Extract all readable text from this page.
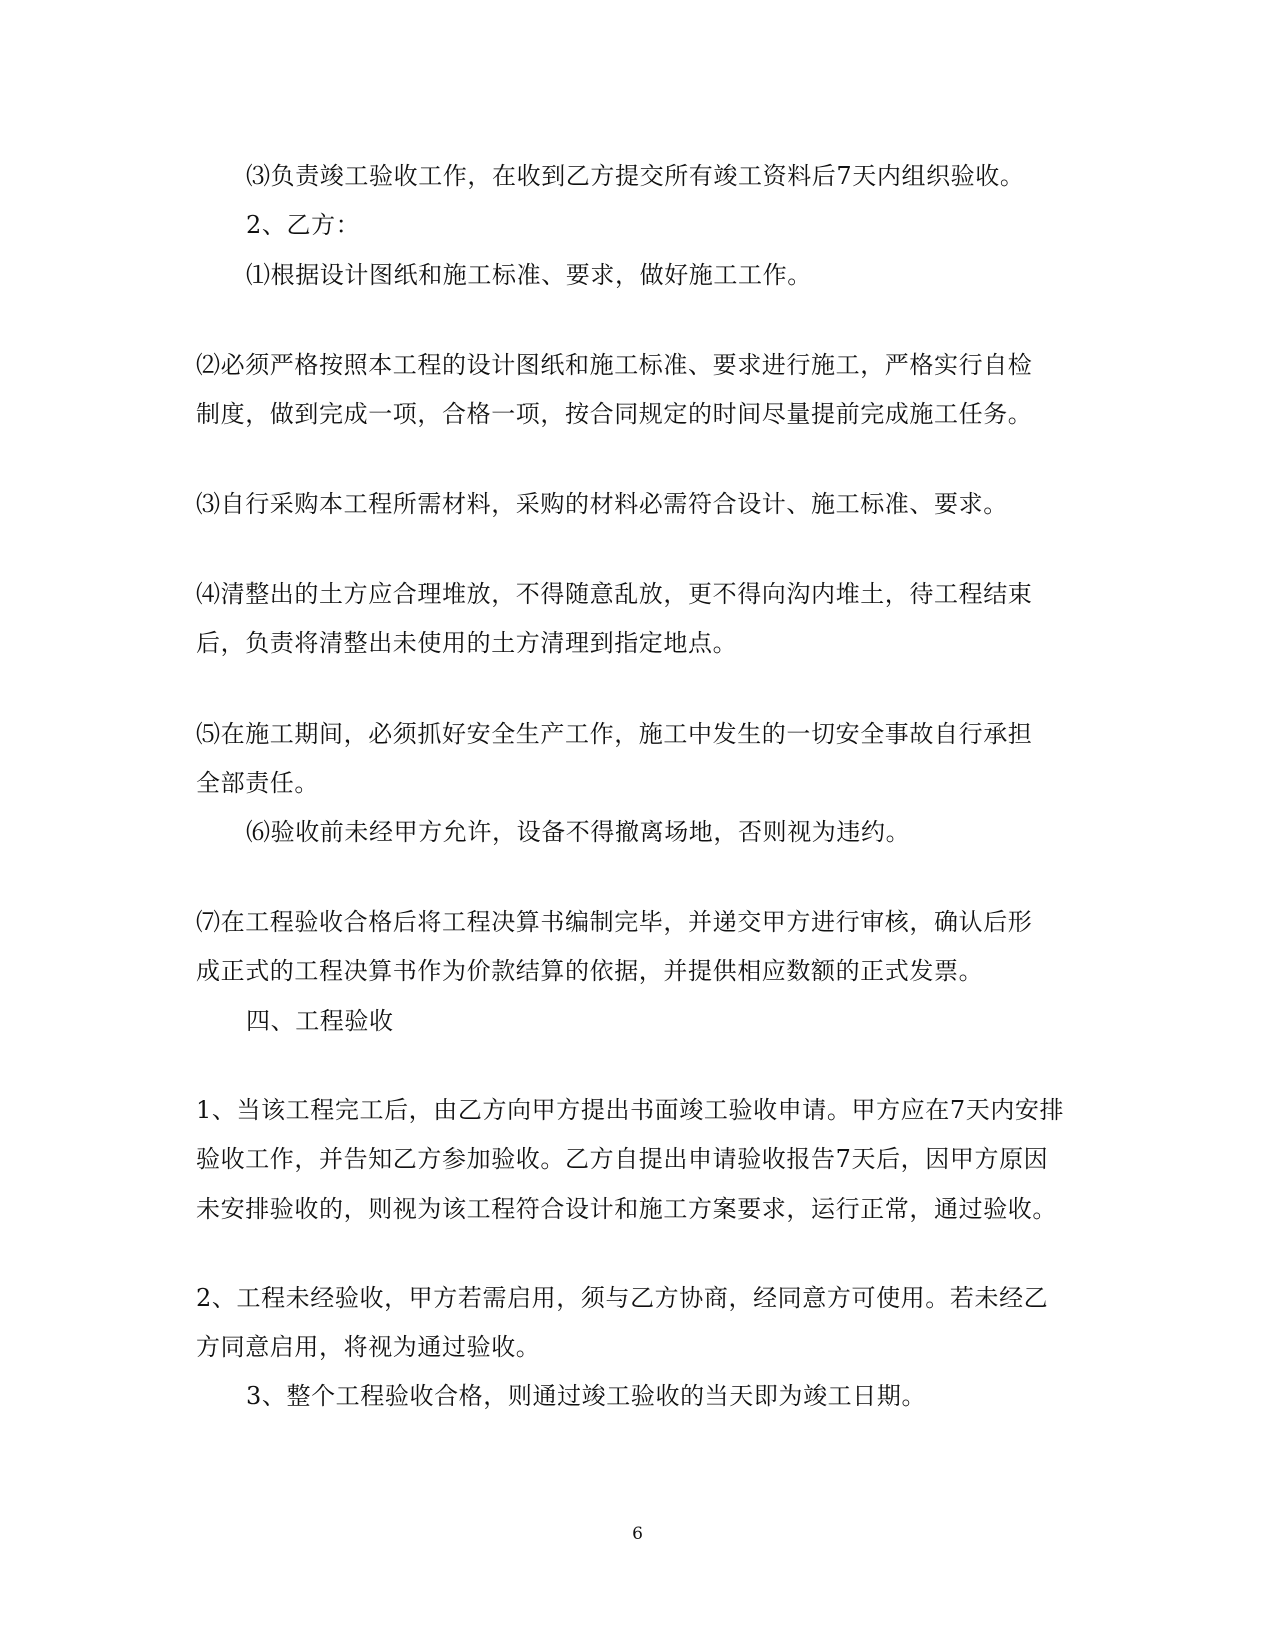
⑶负责竣工验收工作，在收到乙方提交所有竣工资料后7天内组织验收。
2、乙方：
⑴根据设计图纸和施工标准、要求，做好施工工作。
⑵必须严格按照本工程的设计图纸和施工标准、要求进行施工，严格实行自检
制度，做到完成一项，合格一项，按合同规定的时间尽量提前完成施工任务。
⑶自行采购本工程所需材料，采购的材料必需符合设计、施工标准、要求。
⑷清整出的土方应合理堆放，不得随意乱放，更不得向沟内堆土，待工程结束
后，负责将清整出未使用的土方清理到指定地点。
⑸在施工期间，必须抓好安全生产工作，施工中发生的一切安全事故自行承担
全部责任。
⑹验收前未经甲方允许，设备不得撤离场地，否则视为违约。
⑺在工程验收合格后将工程决算书编制完毕，并递交甲方进行审核，确认后形
成正式的工程决算书作为价款结算的依据，并提供相应数额的正式发票。
四、工程验收
1、当该工程完工后，由乙方向甲方提出书面竣工验收申请。甲方应在7天内安排
验收工作，并告知乙方参加验收。乙方自提出申请验收报告7天后，因甲方原因
未安排验收的，则视为该工程符合设计和施工方案要求，运行正常，通过验收。
2、工程未经验收，甲方若需启用，须与乙方协商，经同意方可使用。若未经乙
方同意启用，将视为通过验收。
3、整个工程验收合格，则通过竣工验收的当天即为竣工日期。
6
